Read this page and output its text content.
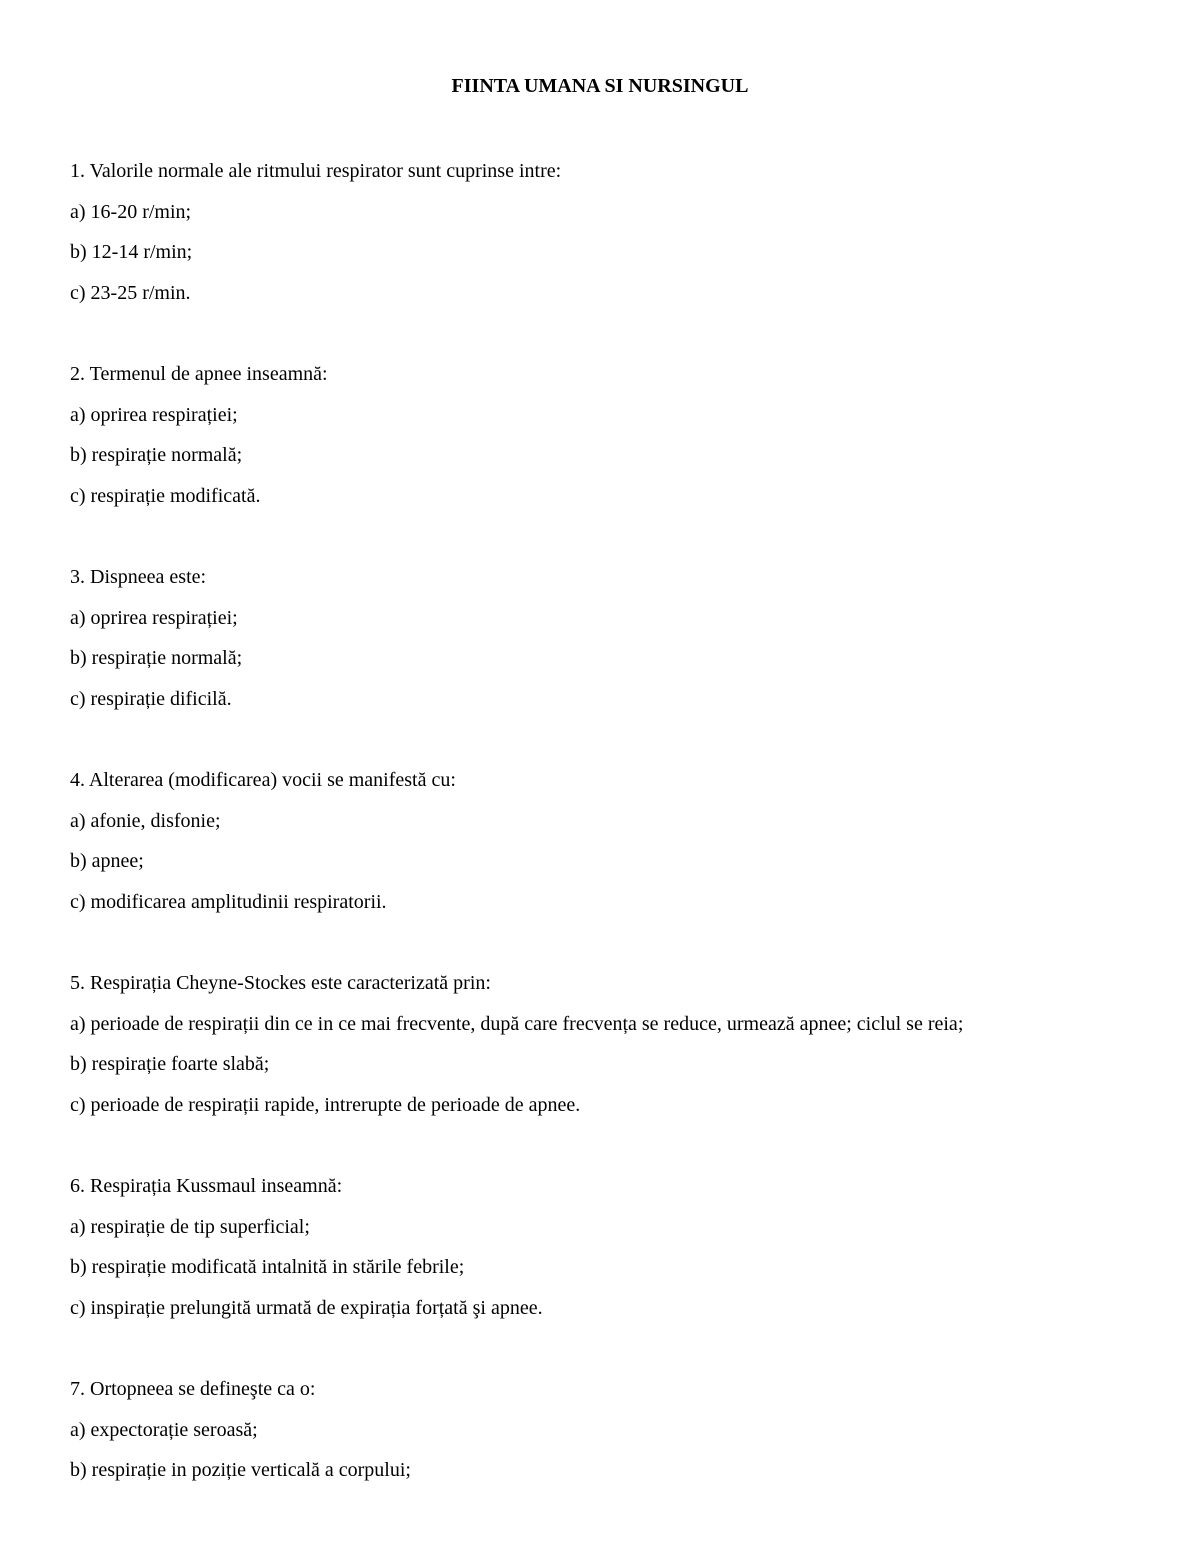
FIINTA UMANA SI NURSINGUL
1. Valorile normale ale ritmului respirator sunt cuprinse intre:
a) 16-20 r/min;
b) 12-14 r/min;
c) 23-25 r/min.
2. Termenul de apnee inseamnă:
a) oprirea respirației;
b) respirație normală;
c) respirație modificată.
3. Dispneea este:
a) oprirea respirației;
b) respirație normală;
c) respirație dificilă.
4. Alterarea (modificarea) vocii se manifestă cu:
a) afonie, disfonie;
b) apnee;
c) modificarea amplitudinii respiratorii.
5. Respirația Cheyne-Stockes este caracterizată prin:
a) perioade de respirații din ce in ce mai frecvente, după care frecvența se reduce, urmează apnee; ciclul se reia;
b) respirație foarte slabă;
c) perioade de respirații rapide, intrerupte de perioade de apnee.
6. Respirația Kussmaul inseamnă:
a) respirație de tip superficial;
b) respirație modificată intalnită in stările febrile;
c) inspirație prelungită urmată de expirația forțată şi apnee.
7. Ortopneea se defineşte ca o:
a) expectorație seroasă;
b) respirație in poziție verticală a corpului;
